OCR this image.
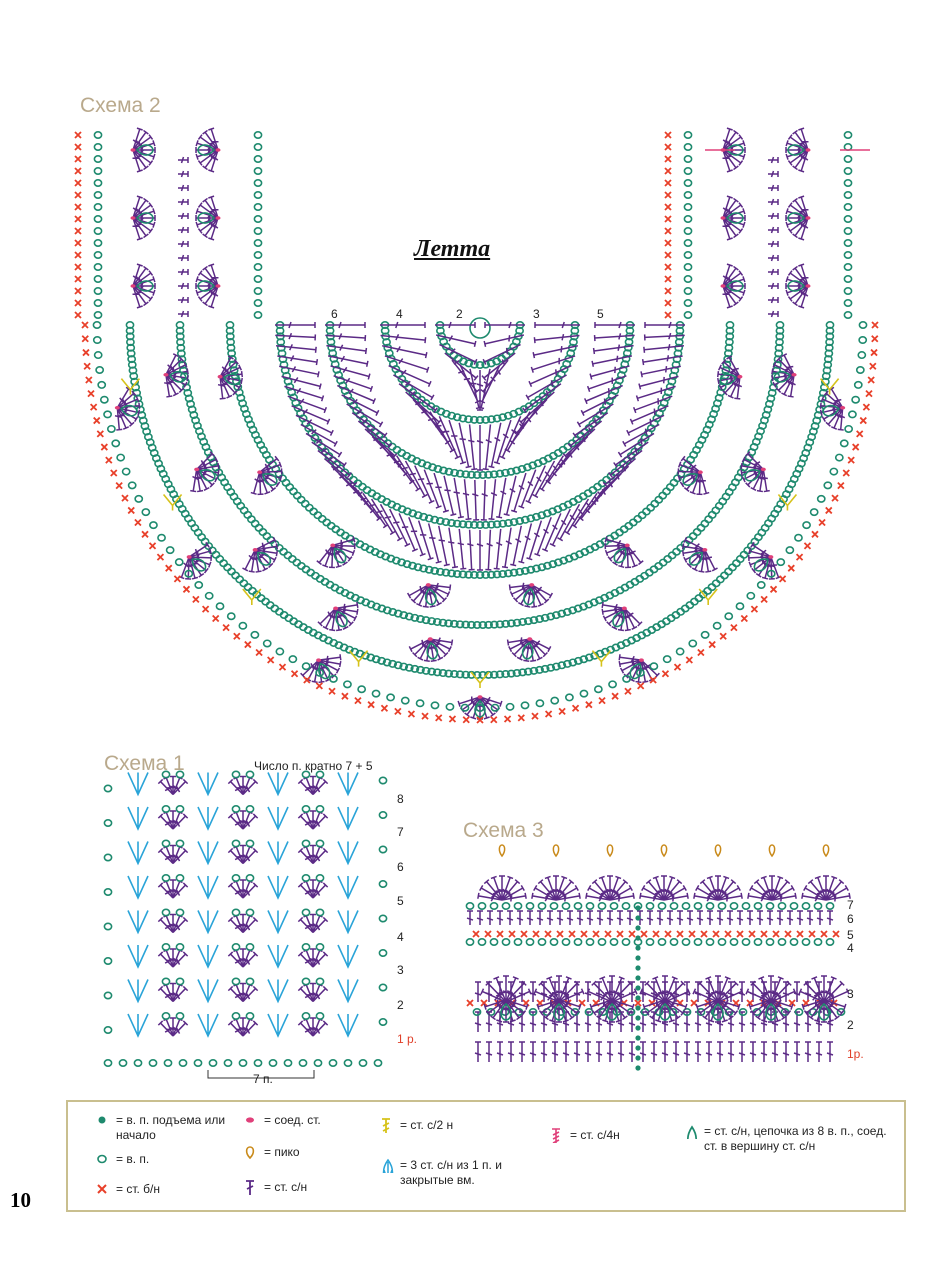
Схема 2
Летта
6	4	2	3	5
Схема 1	Число п. кратно 7 + 5
8
7
6
5
4
3
2
1 р.
7 п.
Схема 3
7
6
5
4
3
2
1р.
= в. п. подъема или начало
= в. п.
= ст. б/н
= соед. ст.
= пико
= ст. с/н
= ст. с/2 н
= 3 ст. с/н из 1 п. и закрытые вм.
= ст. с/4н	= ст. с/н, цепочка из 8 в. п., соед. ст. в вершину ст. с/н
10
